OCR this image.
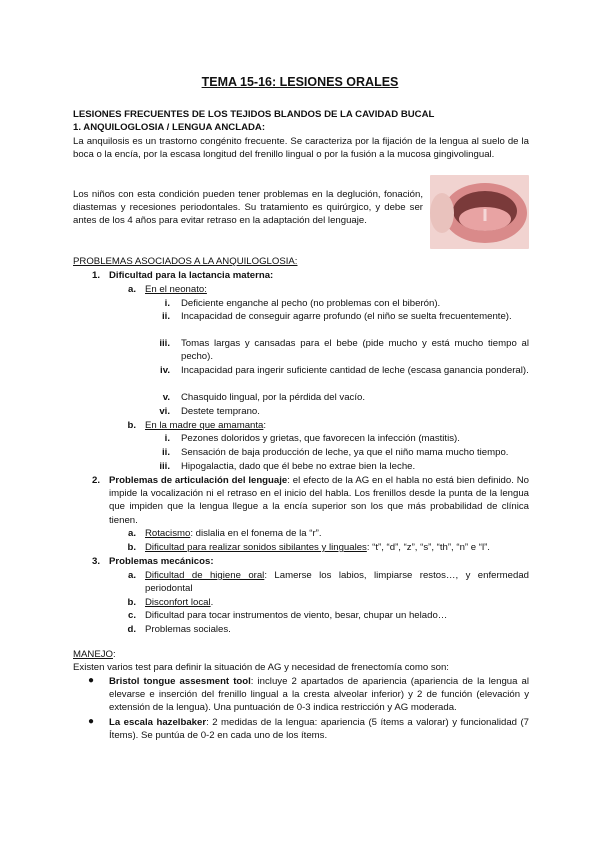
TEMA 15-16: LESIONES ORALES
LESIONES FRECUENTES DE LOS TEJIDOS BLANDOS DE LA CAVIDAD BUCAL
1. ANQUILOGLOSIA / LENGUA ANCLADA:
La anquilosis es un trastorno congénito frecuente. Se caracteriza por la fijación de la lengua al suelo de la boca o la encía, por la escasa longitud del frenillo lingual o por la fusión a la mucosa gingivolingual.
Los niños con esta condición pueden tener problemas en la deglución, fonación, diastemas y recesiones periodontales. Su tratamiento es quirúrgico, y debe ser antes de los 4 años para evitar retraso en la adaptación del lenguaje.
PROBLEMAS ASOCIADOS A LA ANQUILOGLOSIA:
1. Dificultad para la lactancia materna:
a. En el neonato:
i. Deficiente enganche al pecho (no problemas con el biberón).
ii. Incapacidad de conseguir agarre profundo (el niño se suelta frecuentemente).
iii. Tomas largas y cansadas para el bebe (pide mucho y está mucho tiempo al pecho).
iv. Incapacidad para ingerir suficiente cantidad de leche (escasa ganancia ponderal).
v. Chasquido lingual, por la pérdida del vacío.
vi. Destete temprano.
b. En la madre que amamanta:
i. Pezones doloridos y grietas, que favorecen la infección (mastitis).
ii. Sensación de baja producción de leche, ya que el niño mama mucho tiempo.
iii. Hipogalactia, dado que él bebe no extrae bien la leche.
2. Problemas de articulación del lenguaje: el efecto de la AG en el habla no está bien definido. No impide la vocalización ni el retraso en el inicio del habla. Los frenillos desde la punta de la lengua que impiden que la lengua llegue a la encía superior son los que más probabilidad de clínica tienen.
a. Rotacismo: dislalia en el fonema de la “r”.
b. Dificultad para realizar sonidos sibilantes y linguales: “t”, “d”, “z”, “s”, “th”, “n” e “l”.
3. Problemas mecánicos:
a. Dificultad de higiene oral: Lamerse los labios, limpiarse restos…, y enfermedad periodontal
b. Disconfort local.
c. Dificultad para tocar instrumentos de viento, besar, chupar un helado…
d. Problemas sociales.
MANEJO:
Existen varios test para definir la situación de AG y necesidad de frenectomía como son:
● Bristol tongue assesment tool: incluye 2 apartados de apariencia (apariencia de la lengua al elevarse e inserción del frenillo lingual a la cresta alveolar inferior) y 2 de función (elevación y extensión de la lengua). Una puntuación de 0-3 indica restricción y AG moderada.
● La escala hazelbaker: 2 medidas de la lengua: apariencia (5 ítems a valorar) y funcionalidad (7 Ítems). Se puntúa de 0-2 en cada uno de los ítems.
